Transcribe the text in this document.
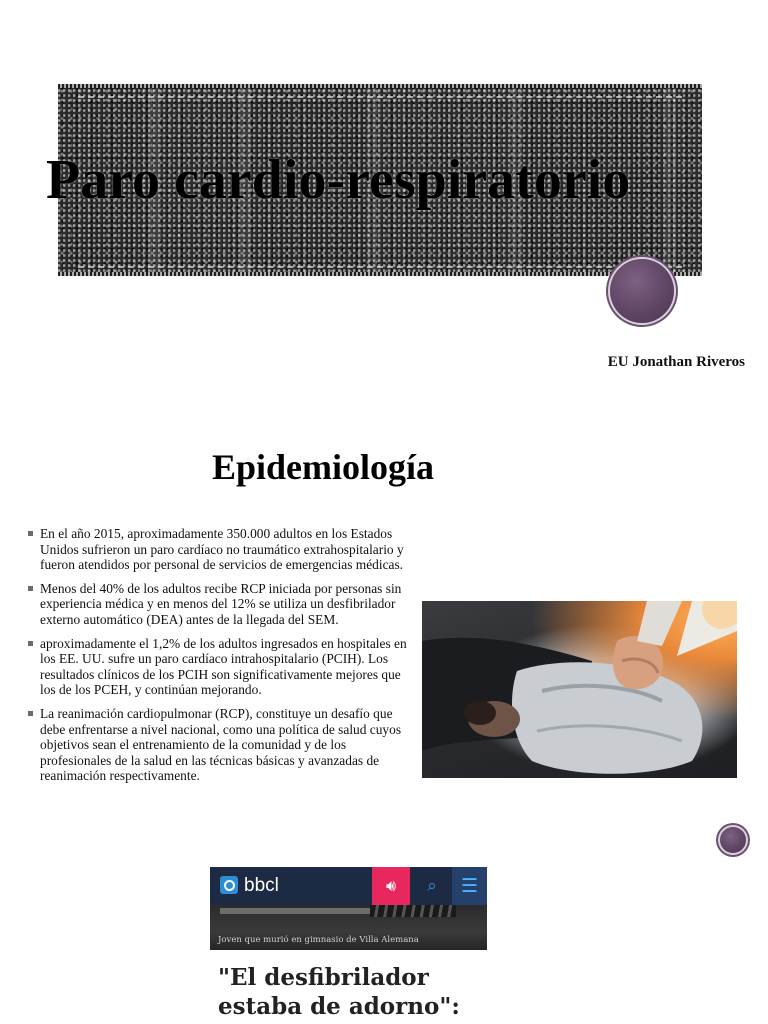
Paro cardio-respiratorio
EU Jonathan Riveros
Epidemiología
En el año 2015, aproximadamente 350.000 adultos en los Estados Unidos sufrieron un paro cardíaco no traumático extrahospitalario y fueron atendidos por personal de servicios de emergencias médicas.
Menos del 40% de los adultos recibe RCP iniciada por personas sin experiencia médica y en menos del 12% se utiliza un desfibrilador externo automático (DEA) antes de la llegada del SEM.
aproximadamente el 1,2% de los adultos ingresados en hospitales en los EE. UU. sufre un paro cardíaco intrahospitalario (PCIH). Los resultados clínicos de los PCIH son significativamente mejores que los de los PCEH, y continúan mejorando.
La reanimación cardiopulmonar (RCP), constituye un desafío que debe enfrentarse a nivel nacional, como una política de salud cuyos objetivos sean el entrenamiento de la comunidad y de los profesionales de la salud en las técnicas básicas y avanzadas de reanimación respectivamente.
bbcl	🔊︎	⌕	☰
Joven que murió en gimnasio de Villa Alemana
"El desfibrilador estaba de adorno":
